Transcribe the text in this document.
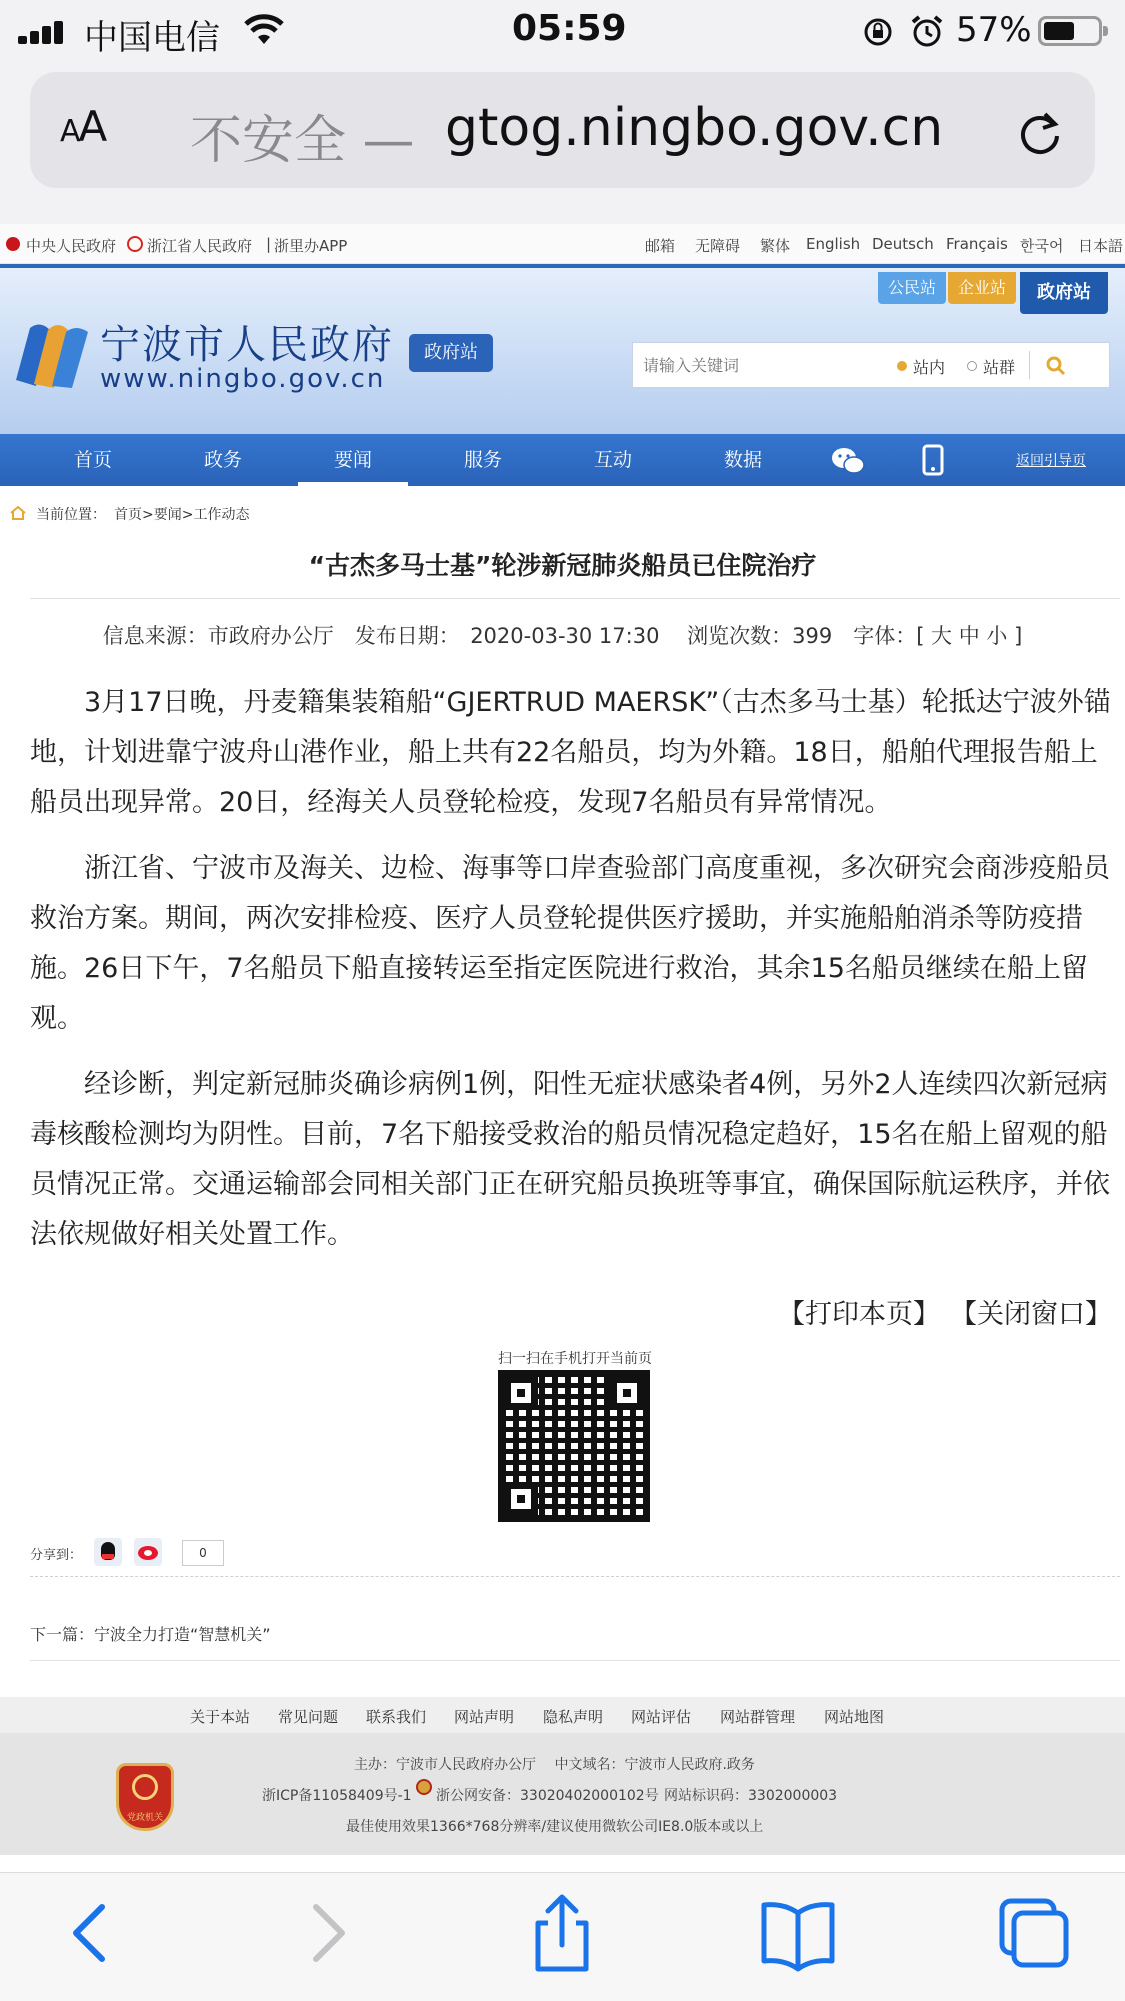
中国电信	05:59	57%
AA 不安全 — gtog.ningbo.gov.cn
中央人民政府 浙江省人民政府 | 浙里办APP	邮箱 无障碍 繁体 English Deutsch Français 한국어 日本語
宁波市人民政府
www.ningbo.gov.cn
政府站
公民站	企业站	政府站
请输入关键词
站内 站群
首页	政务	要闻	服务	互动	数据	返回引导页
当前位置： 首页>要闻>工作动态
“古杰多马士基”轮涉新冠肺炎船员已住院治疗
信息来源：市政府办公厅　发布日期：　2020-03-30 17:30　 浏览次数：399　字体：[ 大 中 小 ]
3月17日晚，丹麦籍集装箱船“GJERTRUD MAERSK”（古杰多马士基）轮抵达宁波外锚地，计划进靠宁波舟山港作业，船上共有22名船员，均为外籍。18日，船舶代理报告船上船员出现异常。20日，经海关人员登轮检疫，发现7名船员有异常情况。
浙江省、宁波市及海关、边检、海事等口岸查验部门高度重视，多次研究会商涉疫船员救治方案。期间，两次安排检疫、医疗人员登轮提供医疗援助，并实施船舶消杀等防疫措施。26日下午，7名船员下船直接转运至指定医院进行救治，其余15名船员继续在船上留观。
经诊断，判定新冠肺炎确诊病例1例，阳性无症状感染者4例，另外2人连续四次新冠病毒核酸检测均为阴性。目前，7名下船接受救治的船员情况稳定趋好，15名在船上留观的船员情况正常。交通运输部会同相关部门正在研究船员换班等事宜，确保国际航运秩序，并依法依规做好相关处置工作。
【打印本页】 【关闭窗口】
扫一扫在手机打开当前页
分享到：	0
下一篇：宁波全力打造“智慧机关”
关于本站 常见问题 联系我们 网站声明 隐私声明 网站评估 网站群管理 网站地图
党政机关
主办：宁波市人民政府办公厅　 中文域名：宁波市人民政府.政务
浙ICP备11058409号-1 浙公网安备：33020402000102号 网站标识码：3302000003
最佳使用效果1366*768分辨率/建议使用微软公司IE8.0版本或以上
